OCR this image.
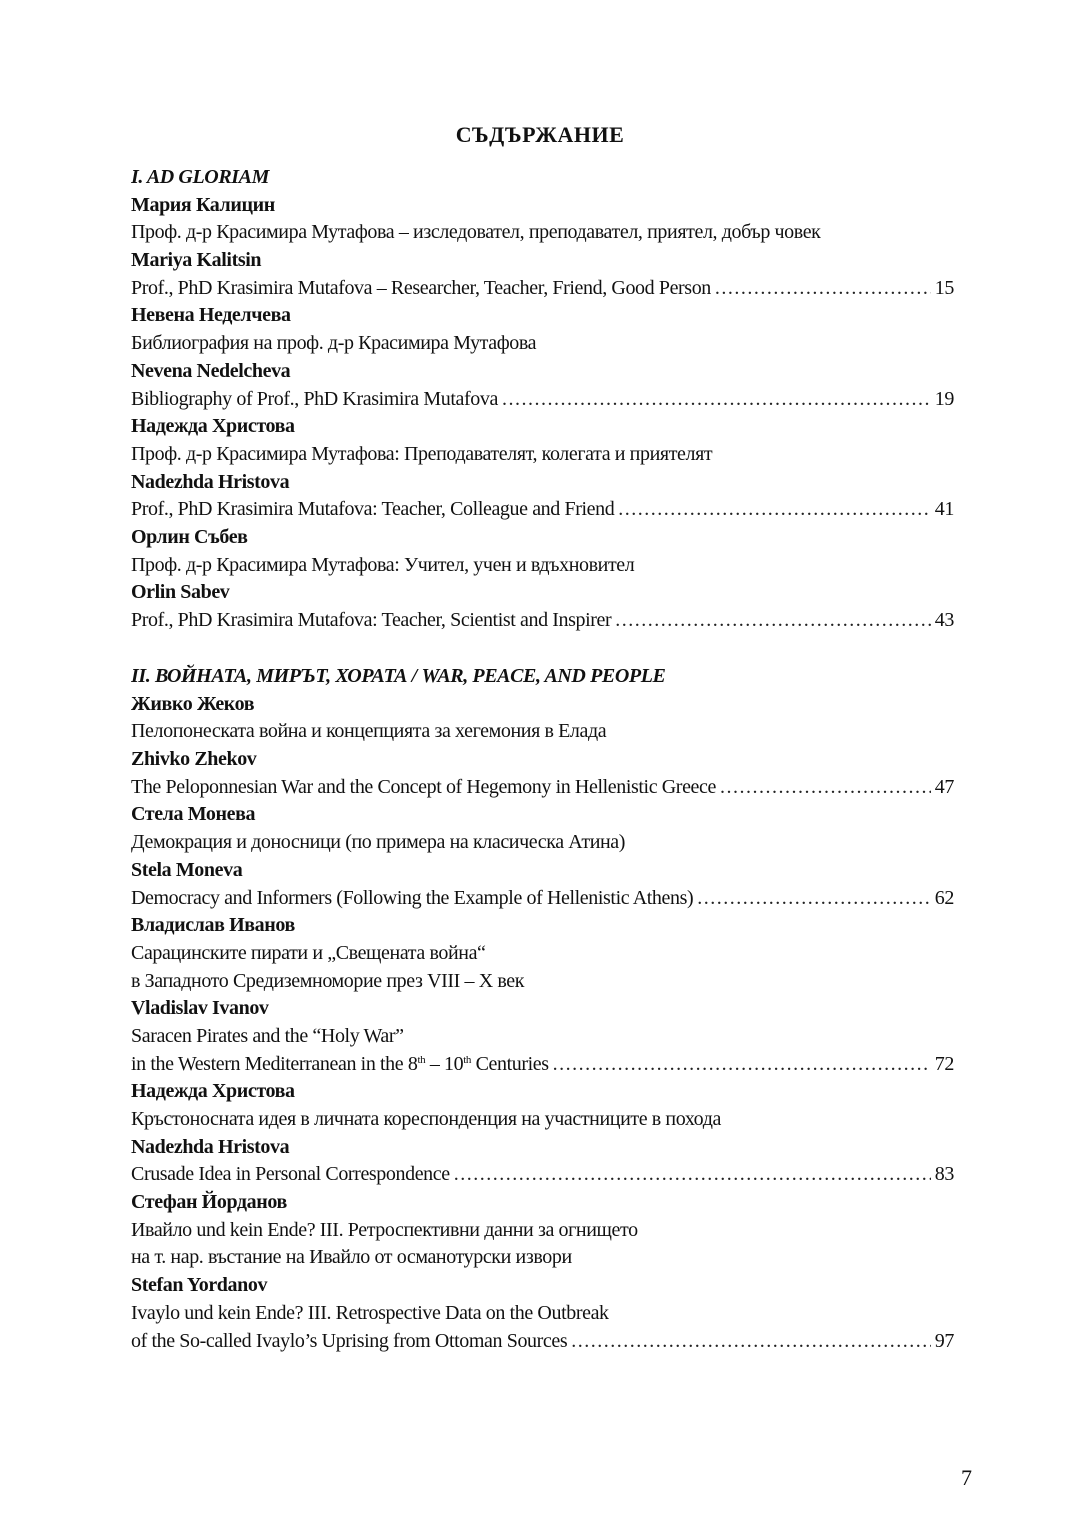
СЪДЪРЖАНИЕ
I. AD GLORIAM
Мария Калицин
Проф. д-р Красимира Мутафова – изследовател, преподавател, приятел, добър човек
Mariya Kalitsin
Prof., PhD Krasimira Mutafova – Researcher, Teacher, Friend, Good Person .....	15
Невена Неделчева
Библиография на проф. д-р Красимира Мутафова
Nevena Nedelcheva
Bibliography of Prof., PhD Krasimira Mutafova .....	19
Надежда Христова
Проф. д-р Красимира Мутафова: Преподавателят, колегата и приятелят
Nadezhda Hristova
Prof., PhD Krasimira Mutafova: Teacher, Colleague and Friend .....	41
Орлин Събев
Проф. д-р Красимира Мутафова: Учител, учен и вдъхновител
Orlin Sabev
Prof., PhD Krasimira Mutafova: Teacher, Scientist and Inspirer .....	43
II. ВОЙНАТА, МИРЪТ, ХОРАТА / WAR, PEACE, AND PEOPLE
Живко Жеков
Пелопонеската война и концепцията за хегемония в Елада
Zhivko Zhekov
The Peloponnesian War and the Concept of Hegemony in Hellenistic Greece .....	47
Стела Монева
Демокрация и доносници (по примера на класическа Атина)
Stela Moneva
Democracy and Informers (Following the Example of Hellenistic Athens) .....	62
Владислав Иванов
Сарацинските пирати и „Свещената война“
в Западното Средиземноморие през VIII – X век
Vladislav Ivanov
Saracen Pirates and the “Holy War”
in the Western Mediterranean in the 8th – 10th Centuries .....	72
Надежда Христова
Кръстоносната идея в личната кореспонденция на участниците в похода
Nadezhda Hristova
Crusade Idea in Personal Correspondence .....	83
Стефан Йорданов
Ивайло und kein Ende? III. Ретроспективни данни за огнището
на т. нар. въстание на Ивайло от османотурски извори
Stefan Yordanov
Ivaylo und kein Ende? III. Retrospective Data on the Outbreak
of the So-called Ivaylo’s Uprising from Ottoman Sources .....	97
7
